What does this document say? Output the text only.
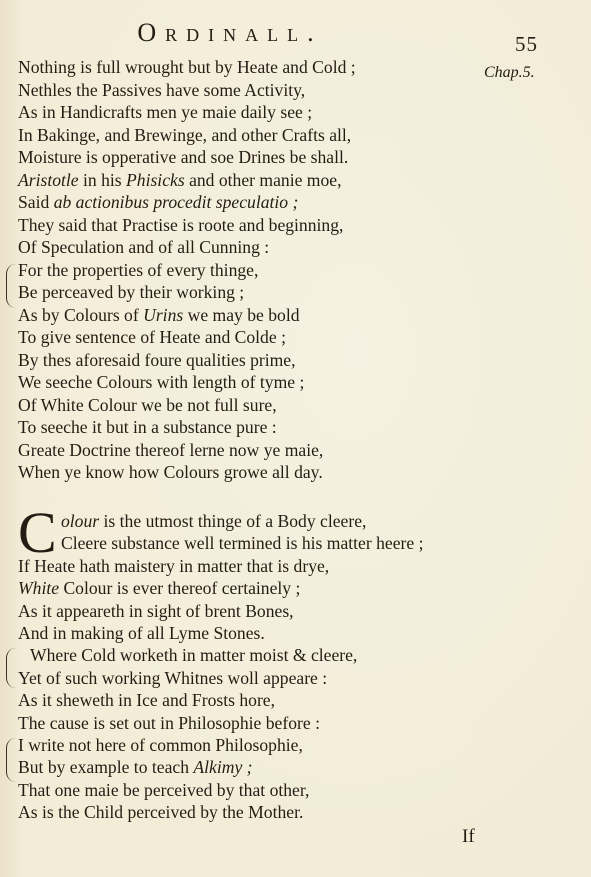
Ordinall.	55
Chap.5.
Nothing is full wrought but by Heate and Cold ;
Nethles the Passives have some Activity,
As in Handicrafts men ye maie daily see ;
In Bakinge, and Brewinge, and other Crafts all,
Moisture is opperative and soe Drines be shall.
Aristotle in his Phisicks and other manie moe,
Said ab actionibus procedit speculatio ;
They said that Practise is roote and beginning,
Of Speculation and of all Cunning :
For the properties of every thinge,
Be perceaved by their working ;
As by Colours of Urins we may be bold
To give sentence of Heate and Colde ;
By thes aforesaid foure qualities prime,
We seeche Colours with length of tyme ;
Of White Colour we be not full sure,
To seeche it but in a substance pure :
Greate Doctrine thereof lerne now ye maie,
When ye know how Colours growe all day.
C olour is the utmost thinge of a Body cleere,
Cleere substance well termined is his matter heere ;
If Heate hath maistery in matter that is drye,
White Colour is ever thereof certainely ;
As it appeareth in sight of brent Bones,
And in making of all Lyme Stones.
Where Cold worketh in matter moist & cleere,
Yet of such working Whitnes woll appeare :
As it sheweth in Ice and Frosts hore,
The cause is set out in Philosophie before :
I write not here of common Philosophie,
But by example to teach Alkimy ;
That one maie be perceived by that other,
As is the Child perceived by the Mother.
If
